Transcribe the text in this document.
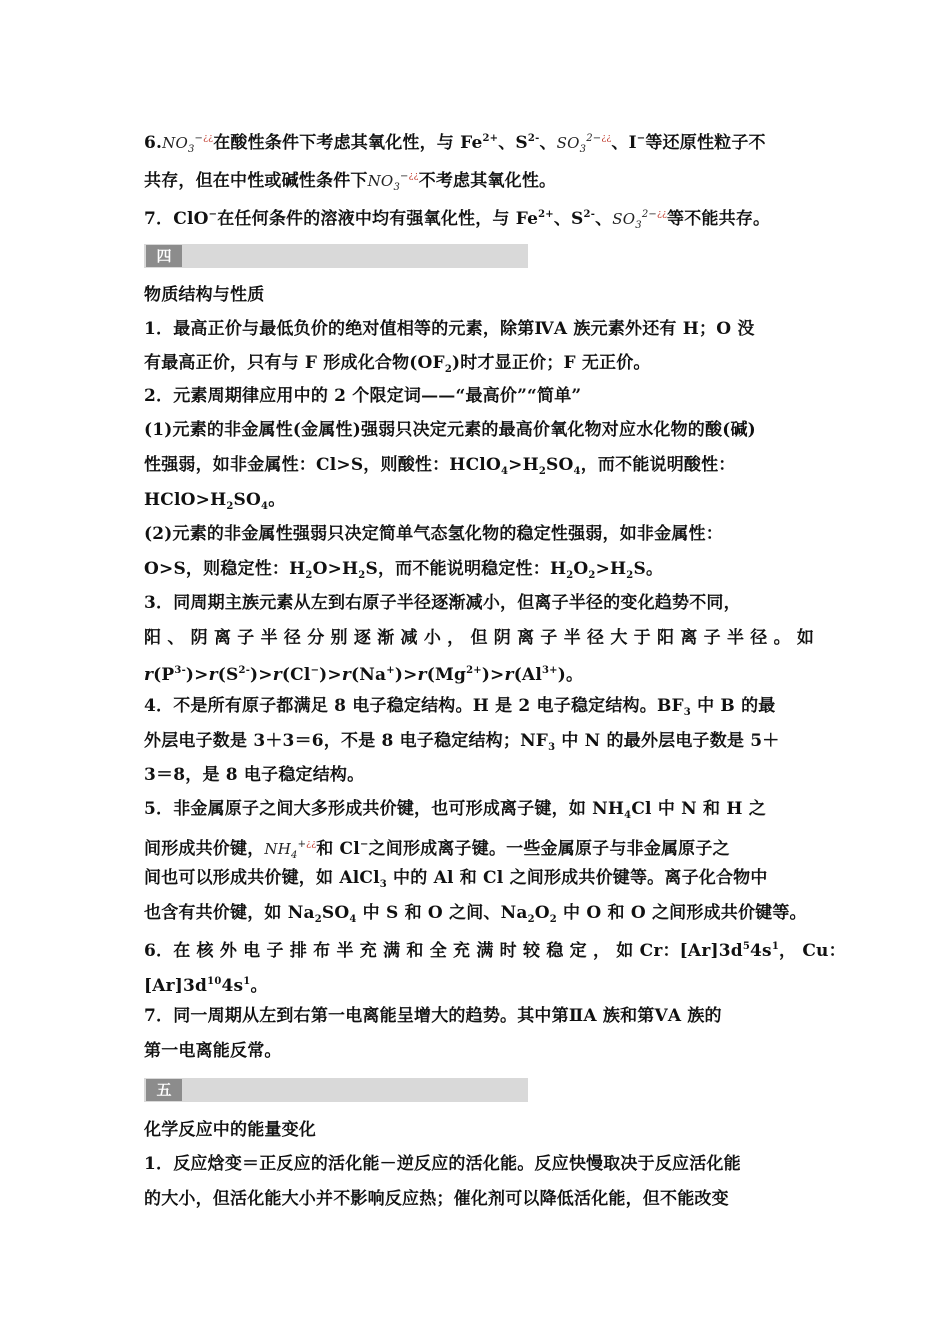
四
五
$6.NO_3^{-¿¿}$在酸性条件下考虑其氧化性，与 $Fe^{2+}$、$S^{2-}$、$SO_3^{2-¿¿}$、I−等还原性粒子不
共存，但在中性或碱性条件下$NO_3^{-¿¿}$不考虑其氧化性。
7．ClO−在任何条件的溶液中均有强氧化性，与 $Fe^{2+}$、$S^{2-}$、$SO_3^{2-¿¿}$等不能共存。
物质结构与性质
1．最高正价与最低负价的绝对值相等的元素，除第ⅣA 族元素外还有 H；O 没
有最高正价，只有与 F 形成化合物$(OF_2)$时才显正价；F 无正价。
2．元素周期律应用中的 2 个限定词——“最高价”“简单”
(1)元素的非金属性(金属性)强弱只决定元素的最高价氧化物对应水化物的酸(碱)
性强弱，如非金属性：Cl>S，则酸性：$HClO_4>H_2SO_4$，而不能说明酸性：
$HClO>H_2SO_4$。
(2)元素的非金属性强弱只决定简单气态氢化物的稳定性强弱，如非金属性：
O>S，则稳定性：$H_2O>H_2S$，而不能说明稳定性：$H_2O_2>H_2S$。
3．同周期主族元素从左到右原子半径逐渐减小，但离子半径的变化趋势不同，
阳 、 阴 离 子 半 径 分 别 逐 渐 减 小 ， 但 阴 离 子 半 径 大 于 阳 离 子 半 径 。 如
$r(P^{3-})>r(S^{2-})>r(Cl^-)>r(Na^+)>r(Mg^{2+})>r(Al^{3+})$。
4．不是所有原子都满足 8 电子稳定结构。H 是 2 电子稳定结构。$BF_3$ 中 B 的最
外层电子数是 3＋3＝6，不是 8 电子稳定结构；$NF_3$ 中 N 的最外层电子数是 5＋
3＝8，是 8 电子稳定结构。
5．非金属原子之间大多形成共价键，也可形成离子键，如 $NH_4Cl$ 中 N 和 H 之
间形成共价键，$NH_4^{+¿¿}$和 Cl−之间形成离子键。一些金属原子与非金属原子之
间也可以形成共价键，如 AlCl$_3$ 中的 Al 和 Cl 之间形成共价键等。离子化合物中
也含有共价键，如 $Na_2SO_4$ 中 S 和 O 之间、$Na_2O_2$ 中 O 和 O 之间形成共价键等。
6．在 核 外 电 子 排 布 半 充 满 和 全 充 满 时 较 稳 定 ， 如 Cr：$[Ar]3d^54s^1$， Cu：
$[Ar]3d^{10}4s^1$。
7．同一周期从左到右第一电离能呈增大的趋势。其中第ⅡA 族和第ⅤA 族的
第一电离能反常。
化学反应中的能量变化
1．反应焓变＝正反应的活化能－逆反应的活化能。反应快慢取决于反应活化能
的大小，但活化能大小并不影响反应热；催化剂可以降低活化能，但不能改变
